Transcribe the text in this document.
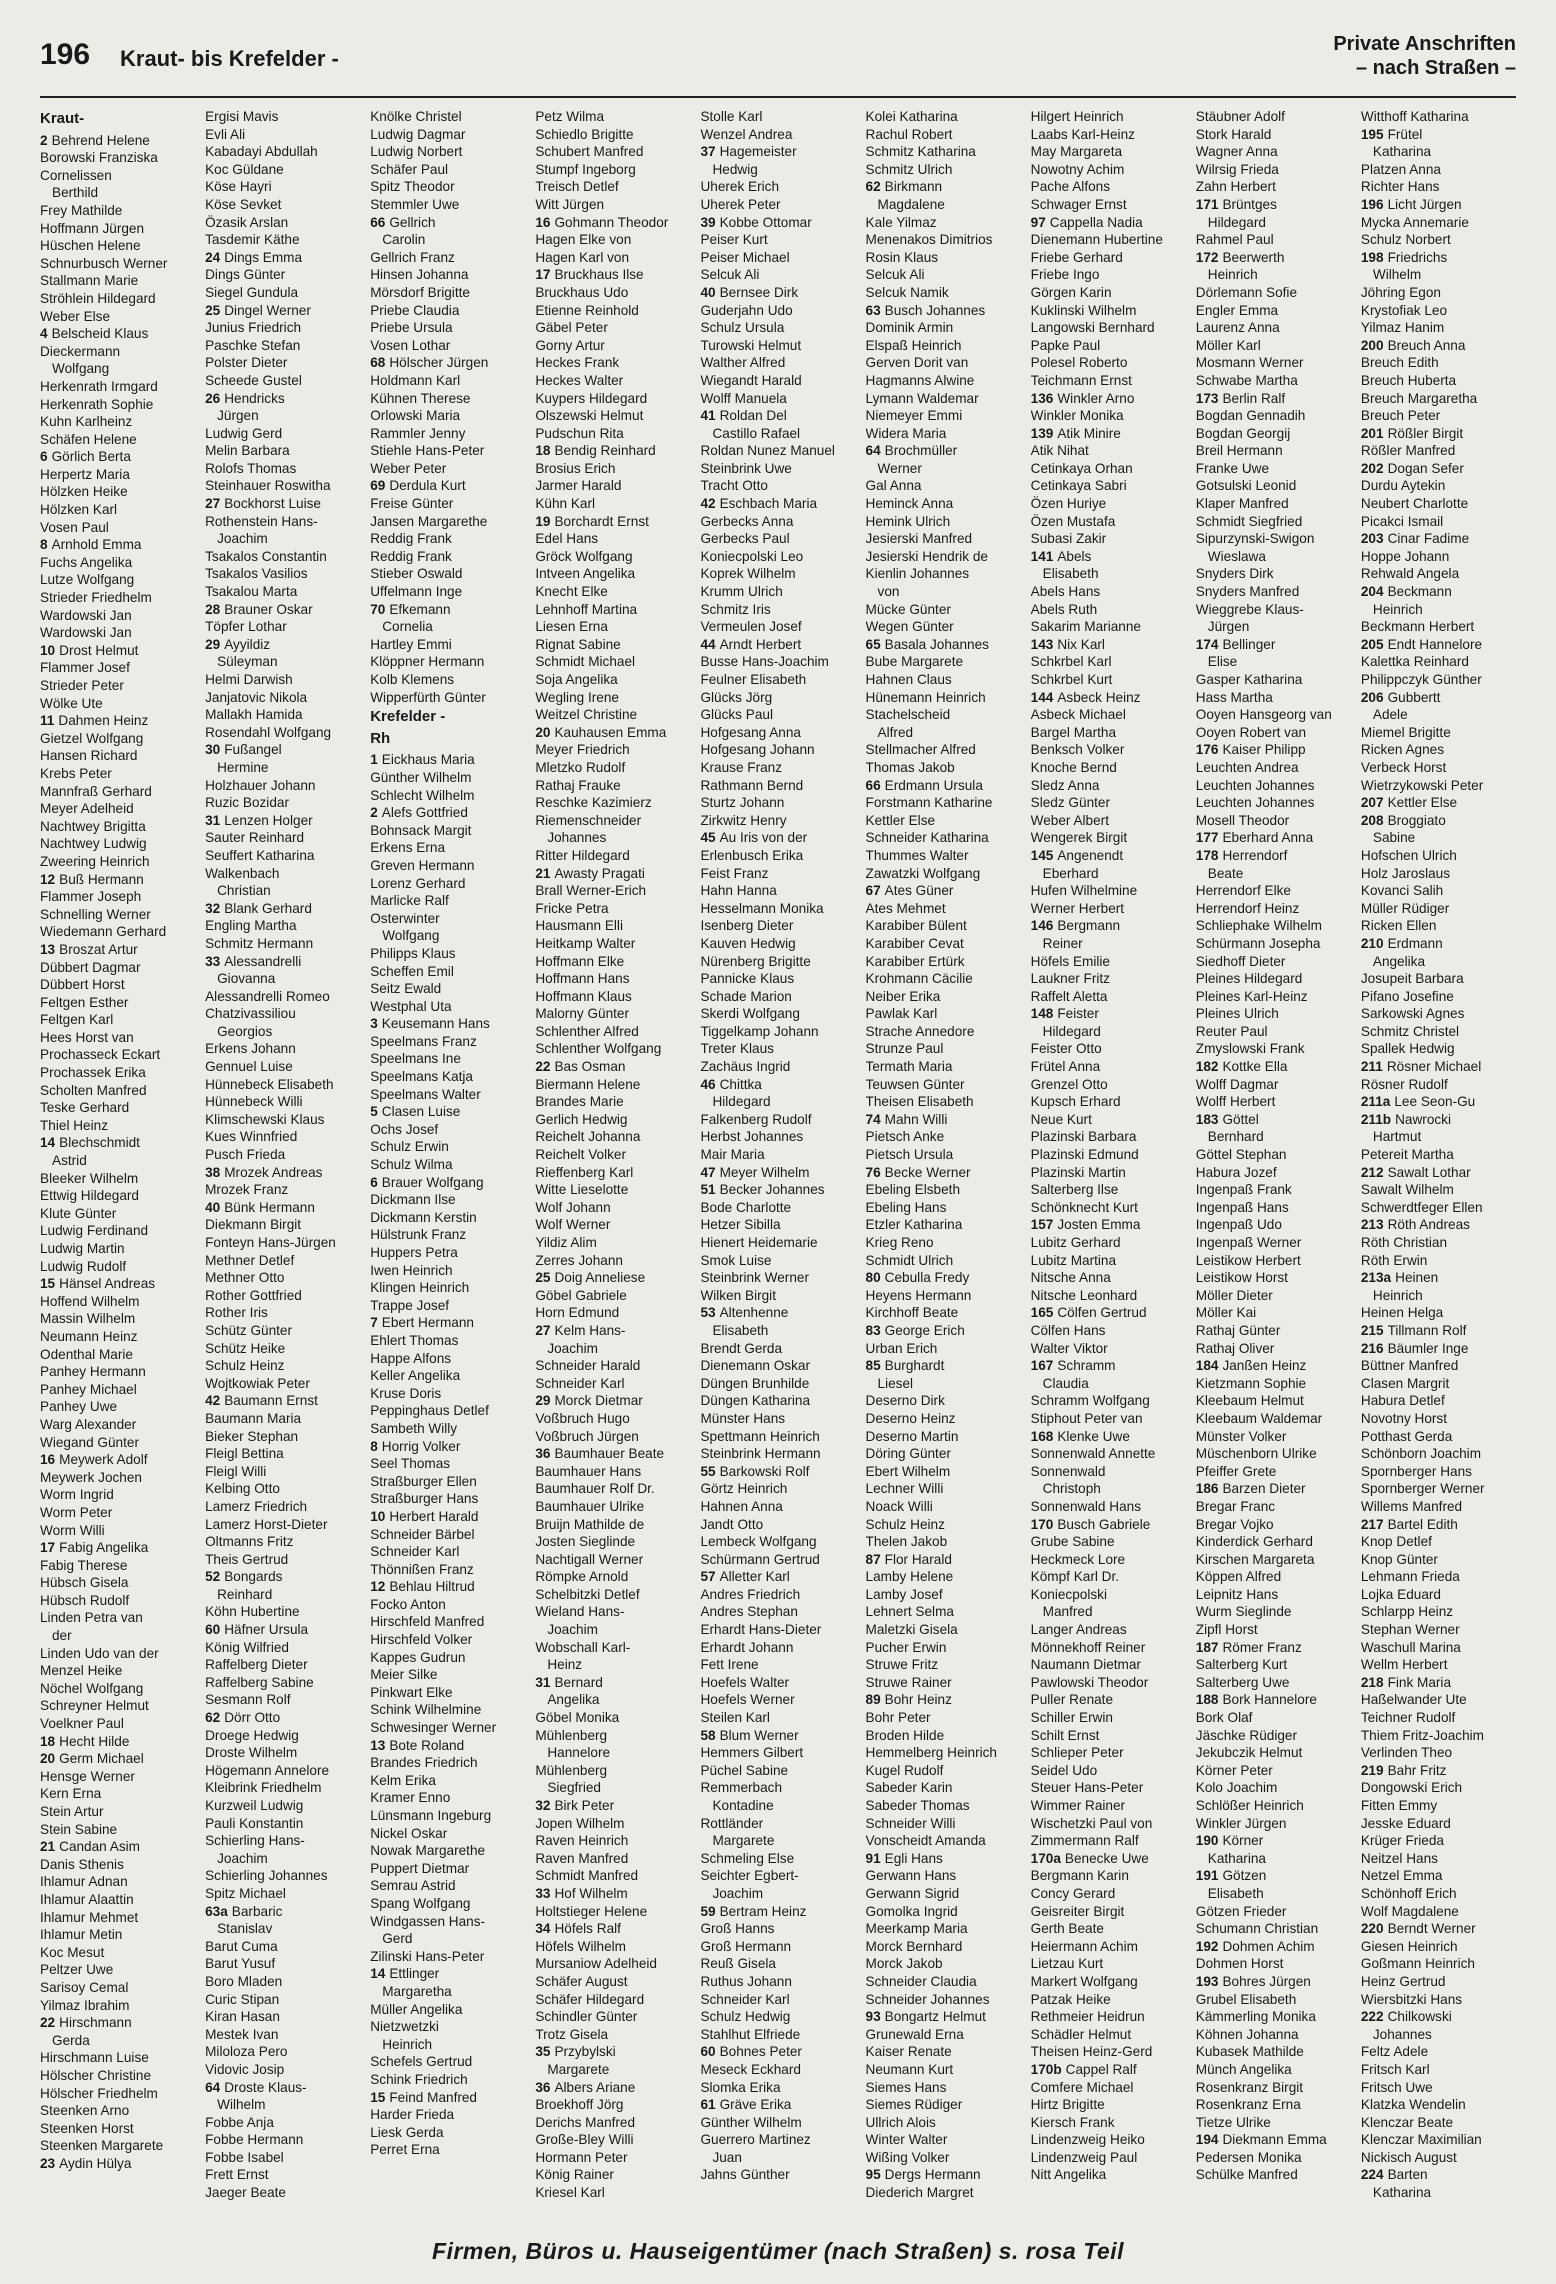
196 Kraut- bis Krefelder -
Private Anschriften
– nach Straßen –
Kraut-
2 Behrend Helene
Borowski Franziska
Cornelissen
Berthild
Frey Mathilde
Hoffmann Jürgen
Hüschen Helene
Schnurbusch Werner
Stallmann Marie
Ströhlein Hildegard
Weber Else
4 Belscheid Klaus
Dieckermann
Wolfgang
Herkenrath Irmgard
Herkenrath Sophie
Kuhn Karlheinz
Schäfen Helene
6 Görlich Berta
Herpertz Maria
Hölzken Heike
Hölzken Karl
Vosen Paul
8 Arnhold Emma
Fuchs Angelika
Lutze Wolfgang
Strieder Friedhelm
Wardowski Jan
Wardowski Jan
10 Drost Helmut
Flammer Josef
Strieder Peter
Wölke Ute
11 Dahmen Heinz
Gietzel Wolfgang
Hansen Richard
Krebs Peter
Mannfraß Gerhard
Meyer Adelheid
Nachtwey Brigitta
Nachtwey Ludwig
Zweering Heinrich
12 Buß Hermann
Flammer Joseph
Schnelling Werner
Wiedemann Gerhard
13 Broszat Artur
Dübbert Dagmar
Dübbert Horst
Feltgen Esther
Feltgen Karl
Hees Horst van
Prochasseck Eckart
Prochassek Erika
Scholten Manfred
Teske Gerhard
Thiel Heinz
14 Blechschmidt
Astrid
Bleeker Wilhelm
Ettwig Hildegard
Klute Günter
Ludwig Ferdinand
Ludwig Martin
Ludwig Rudolf
15 Hänsel Andreas
Hoffend Wilhelm
Massin Wilhelm
Neumann Heinz
Odenthal Marie
Panhey Hermann
Panhey Michael
Panhey Uwe
Warg Alexander
Wiegand Günter
16 Meywerk Adolf
Meywerk Jochen
Worm Ingrid
Worm Peter
Worm Willi
17 Fabig Angelika
Fabig Therese
Hübsch Gisela
Hübsch Rudolf
Linden Petra van
der
Linden Udo van der
Menzel Heike
Nöchel Wolfgang
Schreyner Helmut
Voelkner Paul
18 Hecht Hilde
20 Germ Michael
Hensge Werner
Kern Erna
Stein Artur
Stein Sabine
21 Candan Asim
Danis Sthenis
Ihlamur Adnan
Ihlamur Alaattin
Ihlamur Mehmet
Ihlamur Metin
Koc Mesut
Peltzer Uwe
Sarisoy Cemal
Yilmaz Ibrahim
22 Hirschmann
Gerda
Hirschmann Luise
Hölscher Christine
Hölscher Friedhelm
Steenken Arno
Steenken Horst
Steenken Margarete
23 Aydin Hülya
Ergisi Mavis
Evli Ali
Kabadayi Abdullah
Koc Güldane
Köse Hayri
Köse Sevket
Özasik Arslan
Tasdemir Käthe
24 Dings Emma
Dings Günter
Siegel Gundula
25 Dingel Werner
Junius Friedrich
Paschke Stefan
Polster Dieter
Scheede Gustel
26 Hendricks
Jürgen
Ludwig Gerd
Melin Barbara
Rolofs Thomas
Steinhauer Roswitha
27 Bockhorst Luise
Rothenstein Hans-
Joachim
Tsakalos Constantin
Tsakalos Vasilios
Tsakalou Marta
28 Brauner Oskar
Töpfer Lothar
29 Ayyildiz
Süleyman
Helmi Darwish
Janjatovic Nikola
Mallakh Hamida
Rosendahl Wolfgang
30 Fußangel
Hermine
Holzhauer Johann
Ruzic Bozidar
31 Lenzen Holger
Sauter Reinhard
Seuffert Katharina
Walkenbach
Christian
32 Blank Gerhard
Engling Martha
Schmitz Hermann
33 Alessandrelli
Giovanna
Alessandrelli Romeo
Chatzivassiliou
Georgios
Erkens Johann
Gennuel Luise
Hünnebeck Elisabeth
Hünnebeck Willi
Klimschewski Klaus
Kues Winnfried
Pusch Frieda
38 Mrozek Andreas
Mrozek Franz
40 Bünk Hermann
Diekmann Birgit
Fonteyn Hans-Jürgen
Methner Detlef
Methner Otto
Rother Gottfried
Rother Iris
Schütz Günter
Schütz Heike
Schulz Heinz
Wojtkowiak Peter
42 Baumann Ernst
Baumann Maria
Bieker Stephan
Fleigl Bettina
Fleigl Willi
Kelbing Otto
Lamerz Friedrich
Lamerz Horst-Dieter
Oltmanns Fritz
Theis Gertrud
52 Bongards
Reinhard
Köhn Hubertine
60 Häfner Ursula
König Wilfried
Raffelberg Dieter
Raffelberg Sabine
Sesmann Rolf
62 Dörr Otto
Droege Hedwig
Droste Wilhelm
Högemann Annelore
Kleibrink Friedhelm
Kurzweil Ludwig
Pauli Konstantin
Schierling Hans-
Joachim
Schierling Johannes
Spitz Michael
63a Barbaric
Stanislav
Barut Cuma
Barut Yusuf
Boro Mladen
Curic Stipan
Kiran Hasan
Mestek Ivan
Miloloza Pero
Vidovic Josip
64 Droste Klaus-
Wilhelm
Fobbe Anja
Fobbe Hermann
Fobbe Isabel
Frett Ernst
Jaeger Beate
Knölke Christel
Ludwig Dagmar
Ludwig Norbert
Schäfer Paul
Spitz Theodor
Stemmler Uwe
66 Gellrich
Carolin
Gellrich Franz
Hinsen Johanna
Mörsdorf Brigitte
Priebe Claudia
Priebe Ursula
Vosen Lothar
68 Hölscher Jürgen
Holdmann Karl
Kühnen Therese
Orlowski Maria
Rammler Jenny
Stiehle Hans-Peter
Weber Peter
69 Derdula Kurt
Freise Günter
Jansen Margarethe
Reddig Frank
Reddig Frank
Stieber Oswald
Uffelmann Inge
70 Efkemann
Cornelia
Hartley Emmi
Klöppner Hermann
Kolb Klemens
Wipperfürth Günter
Krefelder -
Rh
1 Eickhaus Maria
Günther Wilhelm
Schlecht Wilhelm
2 Alefs Gottfried
Bohnsack Margit
Erkens Erna
Greven Hermann
Lorenz Gerhard
Marlicke Ralf
Osterwinter
Wolfgang
Philipps Klaus
Scheffen Emil
Seitz Ewald
Westphal Uta
3 Keusemann Hans
Speelmans Franz
Speelmans Ine
Speelmans Katja
Speelmans Walter
5 Clasen Luise
Ochs Josef
Schulz Erwin
Schulz Wilma
6 Brauer Wolfgang
Dickmann Ilse
Dickmann Kerstin
Hülstrunk Franz
Huppers Petra
Iwen Heinrich
Klingen Heinrich
Trappe Josef
7 Ebert Hermann
Ehlert Thomas
Happe Alfons
Keller Angelika
Kruse Doris
Peppinghaus Detlef
Sambeth Willy
8 Horrig Volker
Seel Thomas
Straßburger Ellen
Straßburger Hans
10 Herbert Harald
Schneider Bärbel
Schneider Karl
Thönnißen Franz
12 Behlau Hiltrud
Focko Anton
Hirschfeld Manfred
Hirschfeld Volker
Kappes Gudrun
Meier Silke
Pinkwart Elke
Schink Wilhelmine
Schwesinger Werner
13 Bote Roland
Brandes Friedrich
Kelm Erika
Kramer Enno
Lünsmann Ingeburg
Nickel Oskar
Nowak Margarethe
Puppert Dietmar
Semrau Astrid
Spang Wolfgang
Windgassen Hans-
Gerd
Zilinski Hans-Peter
14 Ettlinger
Margaretha
Müller Angelika
Nietzwetzki
Heinrich
Schefels Gertrud
Schink Friedrich
15 Feind Manfred
Harder Frieda
Liesk Gerda
Perret Erna
Petz Wilma
Schiedlo Brigitte
Schubert Manfred
Stumpf Ingeborg
Treisch Detlef
Witt Jürgen
16 Gohmann Theodor
Hagen Elke von
Hagen Karl von
17 Bruckhaus Ilse
Bruckhaus Udo
Etienne Reinhold
Gäbel Peter
Gorny Artur
Heckes Frank
Heckes Walter
Kuypers Hildegard
Olszewski Helmut
Pudschun Rita
18 Bendig Reinhard
Brosius Erich
Jarmer Harald
Kühn Karl
19 Borchardt Ernst
Edel Hans
Gröck Wolfgang
Intveen Angelika
Knecht Elke
Lehnhoff Martina
Liesen Erna
Rignat Sabine
Schmidt Michael
Soja Angelika
Wegling Irene
Weitzel Christine
20 Kauhausen Emma
Meyer Friedrich
Mletzko Rudolf
Rathaj Frauke
Reschke Kazimierz
Riemenschneider
Johannes
Ritter Hildegard
21 Awasty Pragati
Brall Werner-Erich
Fricke Petra
Hausmann Elli
Heitkamp Walter
Hoffmann Elke
Hoffmann Hans
Hoffmann Klaus
Malorny Günter
Schlenther Alfred
Schlenther Wolfgang
22 Bas Osman
Biermann Helene
Brandes Marie
Gerlich Hedwig
Reichelt Johanna
Reichelt Volker
Rieffenberg Karl
Witte Lieselotte
Wolf Johann
Wolf Werner
Yildiz Alim
Zerres Johann
25 Doig Anneliese
Göbel Gabriele
Horn Edmund
27 Kelm Hans-
Joachim
Schneider Harald
Schneider Karl
29 Morck Dietmar
Voßbruch Hugo
Voßbruch Jürgen
36 Baumhauer Beate
Baumhauer Hans
Baumhauer Rolf Dr.
Baumhauer Ulrike
Bruijn Mathilde de
Josten Sieglinde
Nachtigall Werner
Römpke Arnold
Schelbitzki Detlef
Wieland Hans-
Joachim
Wobschall Karl-
Heinz
31 Bernard
Angelika
Göbel Monika
Mühlenberg
Hannelore
Mühlenberg
Siegfried
32 Birk Peter
Jopen Wilhelm
Raven Heinrich
Raven Manfred
Schmidt Manfred
33 Hof Wilhelm
Holtstieger Helene
34 Höfels Ralf
Höfels Wilhelm
Mursaniow Adelheid
Schäfer August
Schäfer Hildegard
Schindler Günter
Trotz Gisela
35 Przybylski
Margarete
36 Albers Ariane
Broekhoff Jörg
Derichs Manfred
Große-Bley Willi
Hormann Peter
König Rainer
Kriesel Karl
Stolle Karl
Wenzel Andrea
37 Hagemeister
Hedwig
Uherek Erich
Uherek Peter
39 Kobbe Ottomar
Peiser Kurt
Peiser Michael
Selcuk Ali
40 Bernsee Dirk
Guderjahn Udo
Schulz Ursula
Turowski Helmut
Walther Alfred
Wiegandt Harald
Wolff Manuela
41 Roldan Del
Castillo Rafael
Roldan Nunez Manuel
Steinbrink Uwe
Tracht Otto
42 Eschbach Maria
Gerbecks Anna
Gerbecks Paul
Koniecpolski Leo
Koprek Wilhelm
Krumm Ulrich
Schmitz Iris
Vermeulen Josef
44 Arndt Herbert
Busse Hans-Joachim
Feulner Elisabeth
Glücks Jörg
Glücks Paul
Hofgesang Anna
Hofgesang Johann
Krause Franz
Rathmann Bernd
Sturtz Johann
Zirkwitz Henry
45 Au Iris von der
Erlenbusch Erika
Feist Franz
Hahn Hanna
Hesselmann Monika
Isenberg Dieter
Kauven Hedwig
Nürenberg Brigitte
Pannicke Klaus
Schade Marion
Skerdi Wolfgang
Tiggelkamp Johann
Treter Klaus
Zachäus Ingrid
46 Chittka
Hildegard
Falkenberg Rudolf
Herbst Johannes
Mair Maria
47 Meyer Wilhelm
51 Becker Johannes
Bode Charlotte
Hetzer Sibilla
Hienert Heidemarie
Smok Luise
Steinbrink Werner
Wilken Birgit
53 Altenhenne
Elisabeth
Brendt Gerda
Dienemann Oskar
Düngen Brunhilde
Düngen Katharina
Münster Hans
Spettmann Heinrich
Steinbrink Hermann
55 Barkowski Rolf
Görtz Heinrich
Hahnen Anna
Jandt Otto
Lembeck Wolfgang
Schürmann Gertrud
57 Alletter Karl
Andres Friedrich
Andres Stephan
Erhardt Hans-Dieter
Erhardt Johann
Fett Irene
Hoefels Walter
Hoefels Werner
Steilen Karl
58 Blum Werner
Hemmers Gilbert
Püchel Sabine
Remmerbach
Kontadine
Rottländer
Margarete
Schmeling Else
Seichter Egbert-
Joachim
59 Bertram Heinz
Groß Hanns
Groß Hermann
Reuß Gisela
Ruthus Johann
Schneider Karl
Schulz Hedwig
Stahlhut Elfriede
60 Bohnes Peter
Meseck Eckhard
Slomka Erika
61 Gräve Erika
Günther Wilhelm
Guerrero Martinez
Juan
Jahns Günther
Kolei Katharina
Rachul Robert
Schmitz Katharina
Schmitz Ulrich
62 Birkmann
Magdalene
Kale Yilmaz
Menenakos Dimitrios
Rosin Klaus
Selcuk Ali
Selcuk Namik
63 Busch Johannes
Dominik Armin
Elspaß Heinrich
Gerven Dorit van
Hagmanns Alwine
Lymann Waldemar
Niemeyer Emmi
Widera Maria
64 Brochmüller
Werner
Gal Anna
Heminck Anna
Hemink Ulrich
Jesierski Manfred
Jesierski Hendrik de
Kienlin Johannes
von
Mücke Günter
Wegen Günter
65 Basala Johannes
Bube Margarete
Hahnen Claus
Hünemann Heinrich
Stachelscheid
Alfred
Stellmacher Alfred
Thomas Jakob
66 Erdmann Ursula
Forstmann Katharine
Kettler Else
Schneider Katharina
Thummes Walter
Zawatzki Wolfgang
67 Ates Güner
Ates Mehmet
Karabiber Bülent
Karabiber Cevat
Karabiber Ertürk
Krohmann Cäcilie
Neiber Erika
Pawlak Karl
Strache Annedore
Strunze Paul
Termath Maria
Teuwsen Günter
Theisen Elisabeth
74 Mahn Willi
Pietsch Anke
Pietsch Ursula
76 Becke Werner
Ebeling Elsbeth
Ebeling Hans
Etzler Katharina
Krieg Reno
Schmidt Ulrich
80 Cebulla Fredy
Heyens Hermann
Kirchhoff Beate
83 George Erich
Urban Erich
85 Burghardt
Liesel
Deserno Dirk
Deserno Heinz
Deserno Martin
Döring Günter
Ebert Wilhelm
Lechner Willi
Noack Willi
Schulz Heinz
Thelen Jakob
87 Flor Harald
Lamby Helene
Lamby Josef
Lehnert Selma
Maletzki Gisela
Pucher Erwin
Struwe Fritz
Struwe Rainer
89 Bohr Heinz
Bohr Peter
Broden Hilde
Hemmelberg Heinrich
Kugel Rudolf
Sabeder Karin
Sabeder Thomas
Schneider Willi
Vonscheidt Amanda
91 Egli Hans
Gerwann Hans
Gerwann Sigrid
Gomolka Ingrid
Meerkamp Maria
Morck Bernhard
Morck Jakob
Schneider Claudia
Schneider Johannes
93 Bongartz Helmut
Grunewald Erna
Kaiser Renate
Neumann Kurt
Siemes Hans
Siemes Rüdiger
Ullrich Alois
Winter Walter
Wißing Volker
95 Dergs Hermann
Diederich Margret
Hilgert Heinrich
Laabs Karl-Heinz
May Margareta
Nowotny Achim
Pache Alfons
Schwager Ernst
97 Cappella Nadia
Dienemann Hubertine
Friebe Gerhard
Friebe Ingo
Görgen Karin
Kuklinski Wilhelm
Langowski Bernhard
Papke Paul
Polesel Roberto
Teichmann Ernst
136 Winkler Arno
Winkler Monika
139 Atik Minire
Atik Nihat
Cetinkaya Orhan
Cetinkaya Sabri
Özen Huriye
Özen Mustafa
Subasi Zakir
141 Abels
Elisabeth
Abels Hans
Abels Ruth
Sakarim Marianne
143 Nix Karl
Schkrbel Karl
Schkrbel Kurt
144 Asbeck Heinz
Asbeck Michael
Bargel Martha
Benksch Volker
Knoche Bernd
Sledz Anna
Sledz Günter
Weber Albert
Wengerek Birgit
145 Angenendt
Eberhard
Hufen Wilhelmine
Werner Herbert
146 Bergmann
Reiner
Höfels Emilie
Laukner Fritz
Raffelt Aletta
148 Feister
Hildegard
Feister Otto
Frütel Anna
Grenzel Otto
Kupsch Erhard
Neue Kurt
Plazinski Barbara
Plazinski Edmund
Plazinski Martin
Salterberg Ilse
Schönknecht Kurt
157 Josten Emma
Lubitz Gerhard
Lubitz Martina
Nitsche Anna
Nitsche Leonhard
165 Cölfen Gertrud
Cölfen Hans
Walter Viktor
167 Schramm
Claudia
Schramm Wolfgang
Stiphout Peter van
168 Klenke Uwe
Sonnenwald Annette
Sonnenwald
Christoph
Sonnenwald Hans
170 Busch Gabriele
Grube Sabine
Heckmeck Lore
Kömpf Karl Dr.
Koniecpolski
Manfred
Langer Andreas
Mönnekhoff Reiner
Naumann Dietmar
Pawlowski Theodor
Puller Renate
Schiller Erwin
Schilt Ernst
Schlieper Peter
Seidel Udo
Steuer Hans-Peter
Wimmer Rainer
Wischetzki Paul von
Zimmermann Ralf
170a Benecke Uwe
Bergmann Karin
Concy Gerard
Geisreiter Birgit
Gerth Beate
Heiermann Achim
Lietzau Kurt
Markert Wolfgang
Patzak Heike
Rethmeier Heidrun
Schädler Helmut
Theisen Heinz-Gerd
170b Cappel Ralf
Comfere Michael
Hirtz Brigitte
Kiersch Frank
Lindenzweig Heiko
Lindenzweig Paul
Nitt Angelika
Stäubner Adolf
Stork Harald
Wagner Anna
Wilrsig Frieda
Zahn Herbert
171 Brüntges
Hildegard
Rahmel Paul
172 Beerwerth
Heinrich
Dörlemann Sofie
Engler Emma
Laurenz Anna
Möller Karl
Mosmann Werner
Schwabe Martha
173 Berlin Ralf
Bogdan Gennadih
Bogdan Georgij
Breil Hermann
Franke Uwe
Gotsulski Leonid
Klaper Manfred
Schmidt Siegfried
Sipurzynski-Swigon
Wieslawa
Snyders Dirk
Snyders Manfred
Wieggrebe Klaus-
Jürgen
174 Bellinger
Elise
Gasper Katharina
Hass Martha
Ooyen Hansgeorg van
Ooyen Robert van
176 Kaiser Philipp
Leuchten Andrea
Leuchten Johannes
Leuchten Johannes
Mosell Theodor
177 Eberhard Anna
178 Herrendorf
Beate
Herrendorf Elke
Herrendorf Heinz
Schliephake Wilhelm
Schürmann Josepha
Siedhoff Dieter
Pleines Hildegard
Pleines Karl-Heinz
Pleines Ulrich
Reuter Paul
Zmyslowski Frank
182 Kottke Ella
Wolff Dagmar
Wolff Herbert
183 Göttel
Bernhard
Göttel Stephan
Habura Jozef
Ingenpaß Frank
Ingenpaß Hans
Ingenpaß Udo
Ingenpaß Werner
Leistikow Herbert
Leistikow Horst
Möller Dieter
Möller Kai
Rathaj Günter
Rathaj Oliver
184 Janßen Heinz
Kietzmann Sophie
Kleebaum Helmut
Kleebaum Waldemar
Münster Volker
Müschenborn Ulrike
Pfeiffer Grete
186 Barzen Dieter
Bregar Franc
Bregar Vojko
Kinderdick Gerhard
Kirschen Margareta
Köppen Alfred
Leipnitz Hans
Wurm Sieglinde
Zipfl Horst
187 Römer Franz
Salterberg Kurt
Salterberg Uwe
188 Bork Hannelore
Bork Olaf
Jäschke Rüdiger
Jekubczik Helmut
Körner Peter
Kolo Joachim
Schlößer Heinrich
Winkler Jürgen
190 Körner
Katharina
191 Götzen
Elisabeth
Götzen Frieder
Schumann Christian
192 Dohmen Achim
Dohmen Horst
193 Bohres Jürgen
Grubel Elisabeth
Kämmerling Monika
Köhnen Johanna
Kubasek Mathilde
Münch Angelika
Rosenkranz Birgit
Rosenkranz Erna
Tietze Ulrike
194 Diekmann Emma
Pedersen Monika
Schülke Manfred
Witthoff Katharina
195 Frütel
Katharina
Platzen Anna
Richter Hans
196 Licht Jürgen
Mycka Annemarie
Schulz Norbert
198 Friedrichs
Wilhelm
Jöhring Egon
Krystofiak Leo
Yilmaz Hanim
200 Breuch Anna
Breuch Edith
Breuch Huberta
Breuch Margaretha
Breuch Peter
201 Rößler Birgit
Rößler Manfred
202 Dogan Sefer
Durdu Aytekin
Neubert Charlotte
Picakci Ismail
203 Cinar Fadime
Hoppe Johann
Rehwald Angela
204 Beckmann
Heinrich
Beckmann Herbert
205 Endt Hannelore
Kalettka Reinhard
Philippczyk Günther
206 Gubbertt
Adele
Miemel Brigitte
Ricken Agnes
Verbeck Horst
Wietrzykowski Peter
207 Kettler Else
208 Broggiato
Sabine
Hofschen Ulrich
Holz Jaroslaus
Kovanci Salih
Müller Rüdiger
Ricken Ellen
210 Erdmann
Angelika
Josupeit Barbara
Pifano Josefine
Sarkowski Agnes
Schmitz Christel
Spallek Hedwig
211 Rösner Michael
Rösner Rudolf
211a Lee Seon-Gu
211b Nawrocki
Hartmut
Petereit Martha
212 Sawalt Lothar
Sawalt Wilhelm
Schwerdtfeger Ellen
213 Röth Andreas
Röth Christian
Röth Erwin
213a Heinen
Heinrich
Heinen Helga
215 Tillmann Rolf
216 Bäumler Inge
Büttner Manfred
Clasen Margrit
Habura Detlef
Novotny Horst
Potthast Gerda
Schönborn Joachim
Spornberger Hans
Spornberger Werner
Willems Manfred
217 Bartel Edith
Knop Detlef
Knop Günter
Lehmann Frieda
Lojka Eduard
Schlarpp Heinz
Stephan Werner
Waschull Marina
Wellm Herbert
218 Fink Maria
Haßelwander Ute
Teichner Rudolf
Thiem Fritz-Joachim
Verlinden Theo
219 Bahr Fritz
Dongowski Erich
Fitten Emmy
Jesske Eduard
Krüger Frieda
Neitzel Hans
Netzel Emma
Schönhoff Erich
Wolf Magdalene
220 Berndt Werner
Giesen Heinrich
Goßmann Heinrich
Heinz Gertrud
Wiersbitzki Hans
222 Chilkowski
Johannes
Feltz Adele
Fritsch Karl
Fritsch Uwe
Klatzka Wendelin
Klenczar Beate
Klenczar Maximilian
Nickisch August
224 Barten
Katharina
Firmen, Büros u. Hauseigentümer (nach Straßen) s. rosa Teil
